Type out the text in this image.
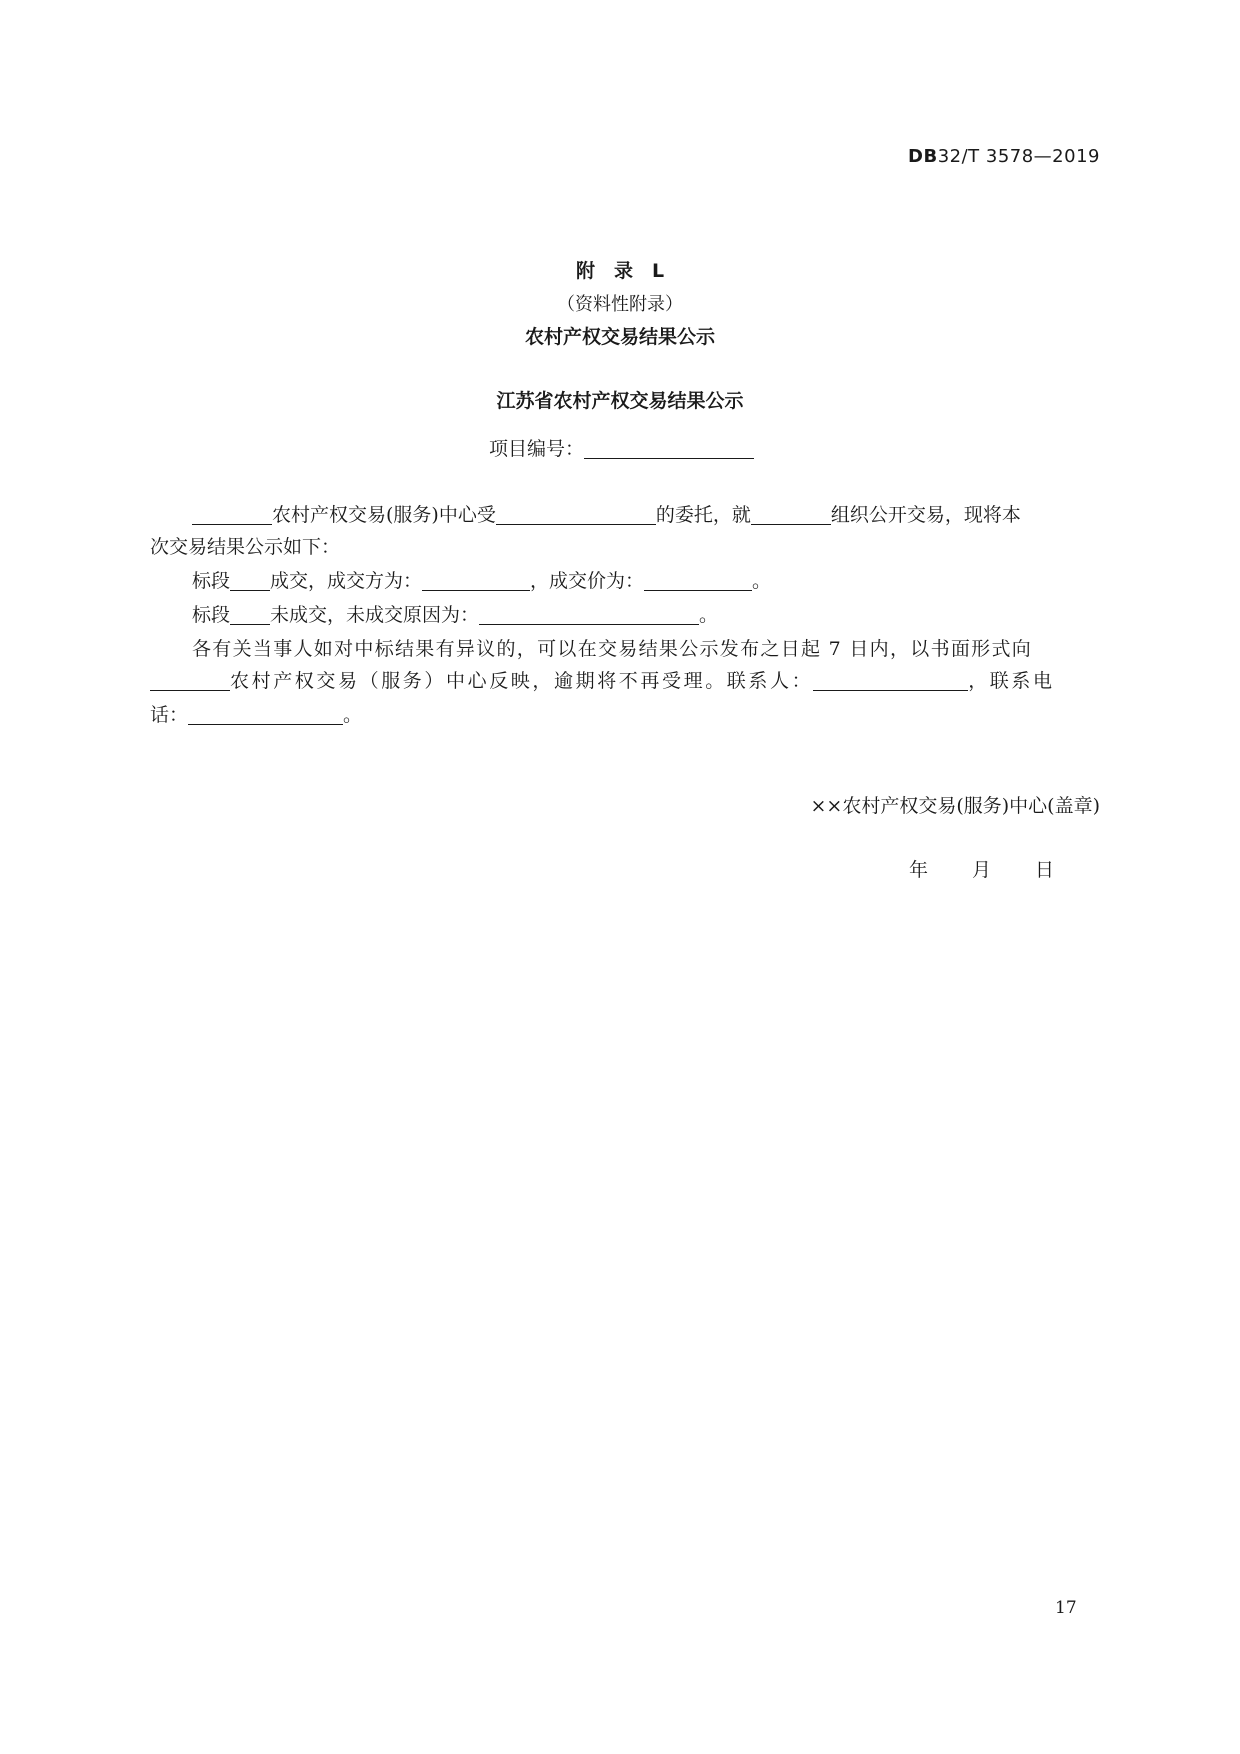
DB32/T 3578—2019
附　录　L
（资料性附录）
农村产权交易结果公示
江苏省农村产权交易结果公示
项目编号：
农村产权交易(服务)中心受	的委托，就	组织公开交易，现将本
次交易结果公示如下：
标段 成交，成交方为：	，成交价为：	。
标段 未成交，未成交原因为：	。
各有关当事人如对中标结果有异议的，可以在交易结果公示发布之日起 7 日内，以书面形式向
农村产权交易（服务）中心反映，逾期将不再受理。联系人：	，联系电
话：	。
××农村产权交易(服务)中心(盖章)
年 月 日
17
